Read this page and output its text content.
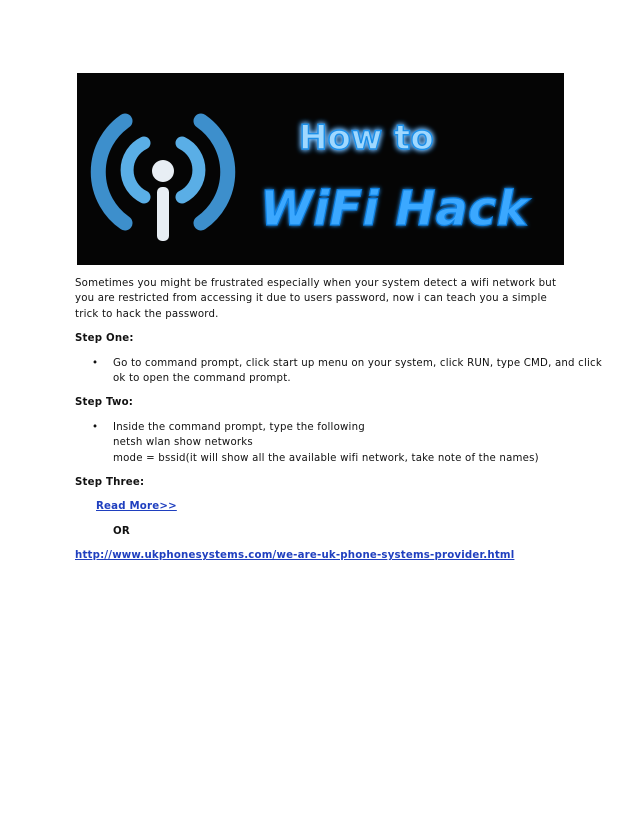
How to
WiFi Hack

Sometimes you might be frustrated especially when your system detect a wifi network but you are restricted from accessing it due to users password, now i can teach you a simple trick to hack the password.

Step One:
• Go to command prompt, click start up menu on your system, click RUN, type CMD, and click
ok to open the command prompt.
Step Two:
• Inside the command prompt, type the following
netsh wlan show networks
mode = bssid(it will show all the available wifi network, take note of the names)
Step Three:
Read More>>
OR
http://www.ukphonesystems.com/we-are-uk-phone-systems-provider.html
